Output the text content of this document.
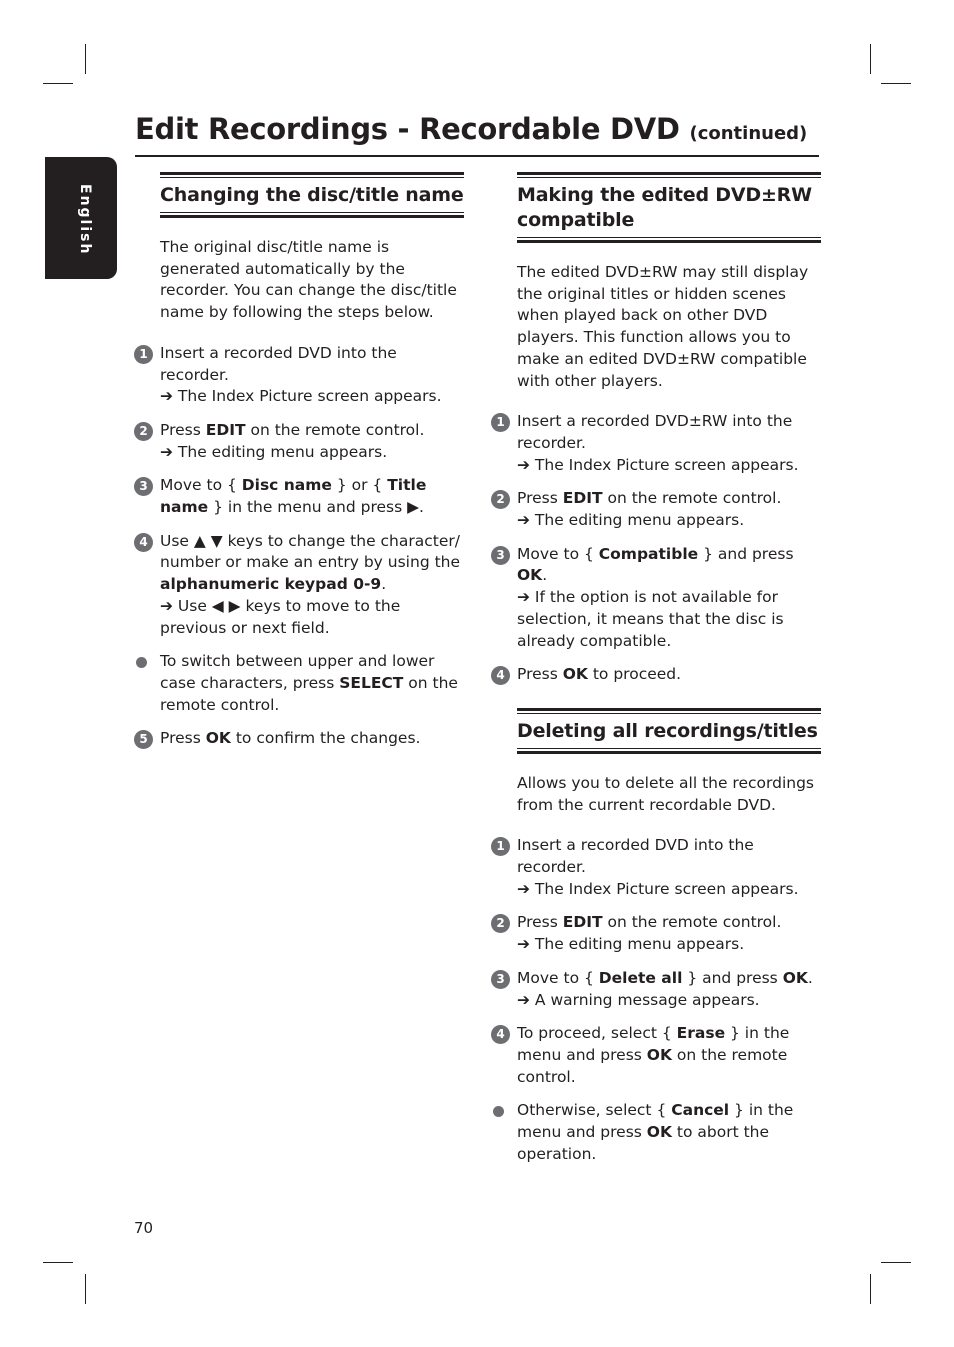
Edit Recordings - Recordable DVD (continued)
English	Changing the disc/title name
The original disc/title name is generated automatically by the recorder. You can change the disc/title name by following the steps below.
1 Insert a recorded DVD into the recorder.
➔ The Index Picture screen appears.
2 Press EDIT on the remote control.
➔ The editing menu appears.
3 Move to { Disc name } or { Title name } in the menu and press ▶.
4 Use ▲ ▼ keys to change the character/ number or make an entry by using the alphanumeric keypad 0-9.
➔ Use ◀ ▶ keys to move to the previous or next field.
To switch between upper and lower case characters, press SELECT on the remote control.
5 Press OK to confirm the changes.
Making the edited DVD±RW compatible
The edited DVD±RW may still display the original titles or hidden scenes when played back on other DVD players. This function allows you to make an edited DVD±RW compatible with other players.
1 Insert a recorded DVD±RW into the recorder.
➔ The Index Picture screen appears.
2 Press EDIT on the remote control.
➔ The editing menu appears.
3 Move to { Compatible } and press OK.
➔ If the option is not available for selection, it means that the disc is already compatible.
4 Press OK to proceed.
Deleting all recordings/titles
Allows you to delete all the recordings from the current recordable DVD.
1 Insert a recorded DVD into the recorder.
➔ The Index Picture screen appears.
2 Press EDIT on the remote control.
➔ The editing menu appears.
3 Move to { Delete all } and press OK.
➔ A warning message appears.
4 To proceed, select { Erase } in the menu and press OK on the remote control.
Otherwise, select { Cancel } in the menu and press OK to abort the operation.
70
